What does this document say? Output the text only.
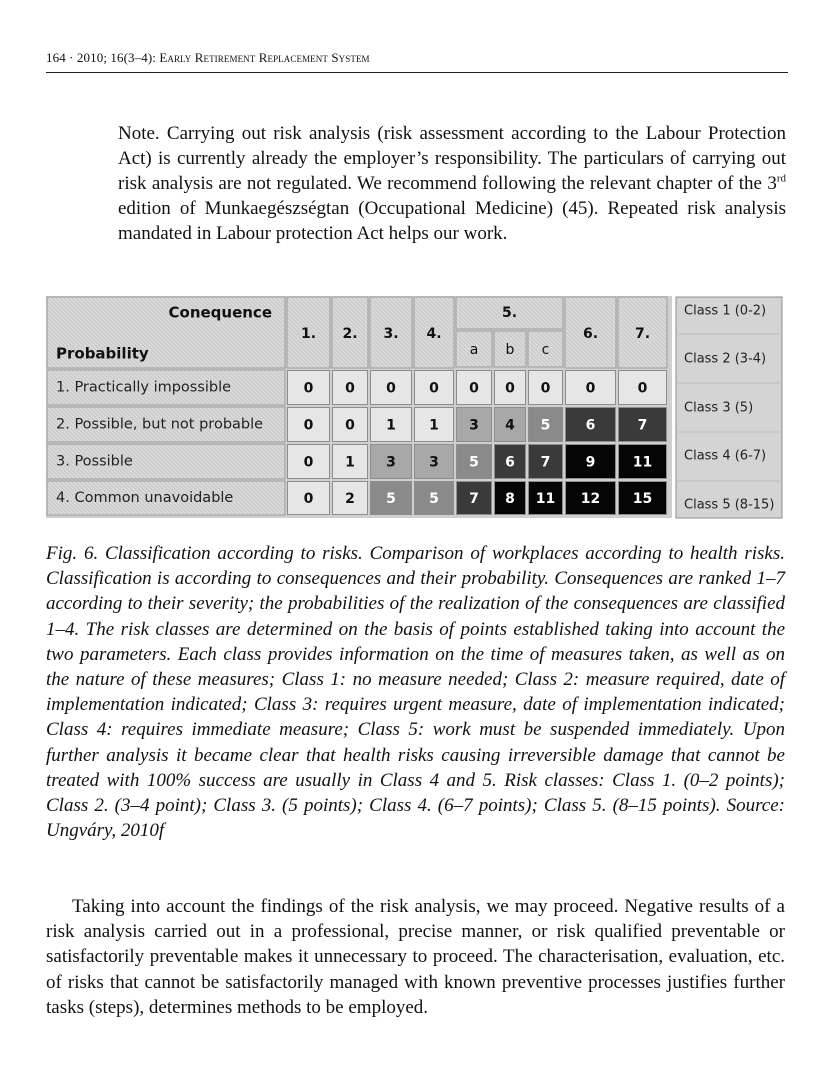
164 · 2010; 16(3–4): Early Retirement Replacement System

Note. Carrying out risk analysis (risk assessment according to the Labour Protection Act) is currently already the employer’s responsibility. The particulars of carrying out risk analysis are not regulated. We recommend following the relevant chapter of the 3rd edition of Munkaegészségtan (Occupational Medicine) (45). Repeated risk analysis mandated in Labour protection Act helps our work.

Conequence
Probability
1. 2. 3. 4.
5.
a b c
6.	7.
1. Practically impossible	0 0 0 0 0 0 0	0	0
2. Possible, but not probable	0 0 1 1 3 4 5	6	7
3. Possible	0 1 3 3 5 6 7	9	11
4. Common unavoidable	0 2 5 5 7 8 11 12 15
Class 1 (0-2)
Class 2 (3-4)
Class 3 (5)
Class 4 (6-7)
Class 5 (8-15)

Fig. 6. Classification according to risks. Comparison of workplaces according to health risks. Classification is according to consequences and their probability. Consequences are ranked 1–7 according to their severity; the probabilities of the realization of the consequences are classified 1–4. The risk classes are determined on the basis of points established taking into account the two parameters. Each class provides information on the time of measures taken, as well as on the nature of these measures; Class 1: no measure needed; Class 2: measure required, date of implementation indicated; Class 3: requires urgent measure, date of implementation indicated; Class 4: requires immediate measure; Class 5: work must be suspended immediately. Upon further analysis it became clear that health risks causing irreversible damage that cannot be treated with 100% success are usually in Class 4 and 5. Risk classes: Class 1. (0–2 points); Class 2. (3–4 point); Class 3. (5 points); Class 4. (6–7 points); Class 5. (8–15 points). Source: Ungváry, 2010f

Taking into account the findings of the risk analysis, we may proceed. Negative results of a risk analysis carried out in a professional, precise manner, or risk qualified preventable or satisfactorily preventable makes it unnecessary to proceed. The characterisation, evaluation, etc. of risks that cannot be satisfactorily managed with known preventive processes justifies further tasks (steps), determines methods to be employed.
